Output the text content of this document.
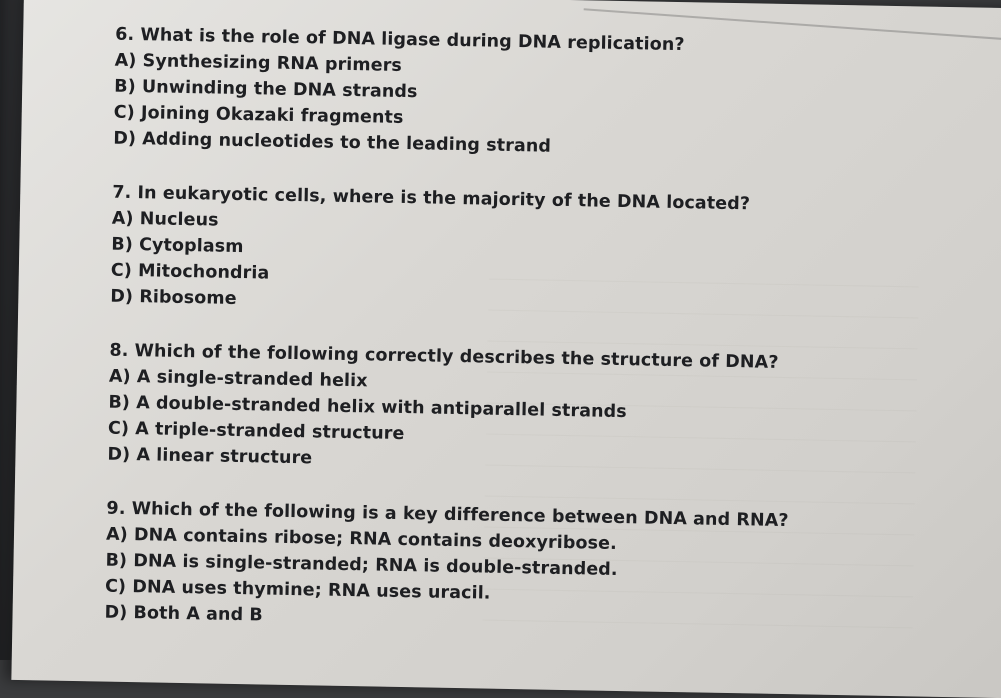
6. What is the role of DNA ligase during DNA replication?
A) Synthesizing RNA primers
B) Unwinding the DNA strands
C) Joining Okazaki fragments
D) Adding nucleotides to the leading strand
7. In eukaryotic cells, where is the majority of the DNA located?
A) Nucleus
B) Cytoplasm
C) Mitochondria
D) Ribosome
8. Which of the following correctly describes the structure of DNA?
A) A single-stranded helix
B) A double-stranded helix with antiparallel strands
C) A triple-stranded structure
D) A linear structure
9. Which of the following is a key difference between DNA and RNA?
A) DNA contains ribose; RNA contains deoxyribose.
B) DNA is single-stranded; RNA is double-stranded.
C) DNA uses thymine; RNA uses uracil.
D) Both A and B
